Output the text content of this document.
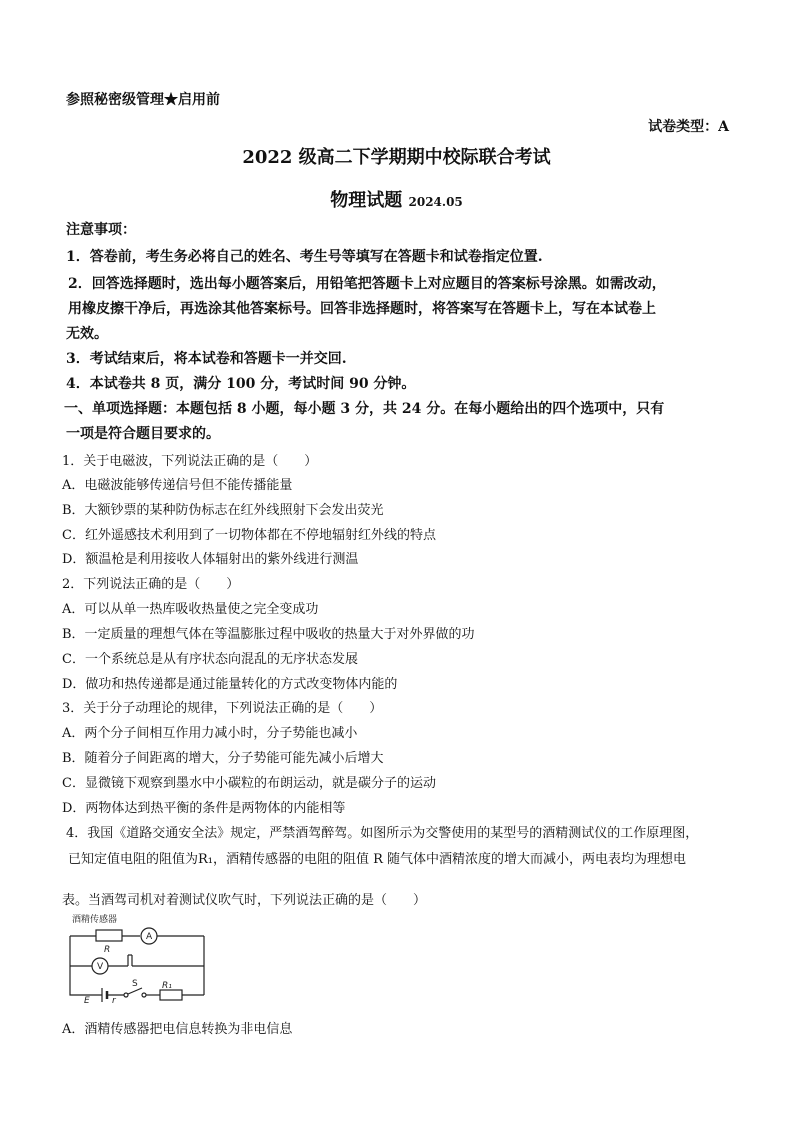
参照秘密级管理★启用前
试卷类型：A
2022 级高二下学期期中校际联合考试
物理试题 2024.05
注意事项：
1．答卷前，考生务必将自己的姓名、考生号等填写在答题卡和试卷指定位置.
2．回答选择题时，选出每小题答案后，用铅笔把答题卡上对应题目的答案标号涂黑。如需改动，
用橡皮擦干净后，再选涂其他答案标号。回答非选择题时，将答案写在答题卡上，写在本试卷上
无效。
3．考试结束后，将本试卷和答题卡一并交回.
4．本试卷共 8 页，满分 100 分，考试时间 90 分钟。
一、单项选择题：本题包括 8 小题，每小题 3 分，共 24 分。在每小题给出的四个选项中，只有
一项是符合题目要求的。
1．关于电磁波，下列说法正确的是（　　）
A．电磁波能够传递信号但不能传播能量
B．大额钞票的某种防伪标志在红外线照射下会发出荧光
C．红外遥感技术利用到了一切物体都在不停地辐射红外线的特点
D．额温枪是利用接收人体辐射出的紫外线进行测温
2．下列说法正确的是（　　）
A．可以从单一热库吸收热量使之完全变成功
B．一定质量的理想气体在等温膨胀过程中吸收的热量大于对外界做的功
C．一个系统总是从有序状态向混乱的无序状态发展
D．做功和热传递都是通过能量转化的方式改变物体内能的
3．关于分子动理论的规律，下列说法正确的是（　　）
A．两个分子间相互作用力减小时，分子势能也减小
B．随着分子间距离的增大，分子势能可能先减小后增大
C．显微镜下观察到墨水中小碳粒的布朗运动，就是碳分子的运动
D．两物体达到热平衡的条件是两物体的内能相等
4．我国《道路交通安全法》规定，严禁酒驾醉驾。如图所示为交警使用的某型号的酒精测试仪的工作原理图，
已知定值电阻的阻值为R₁，酒精传感器的电阻的阻值 R 随气体中酒精浓度的增大而减小，两电表均为理想电
表。当酒驾司机对着测试仪吹气时，下列说法正确的是（　　）
酒精传感器
R
A
V
E r
S	R₁
A．酒精传感器把电信息转换为非电信息
